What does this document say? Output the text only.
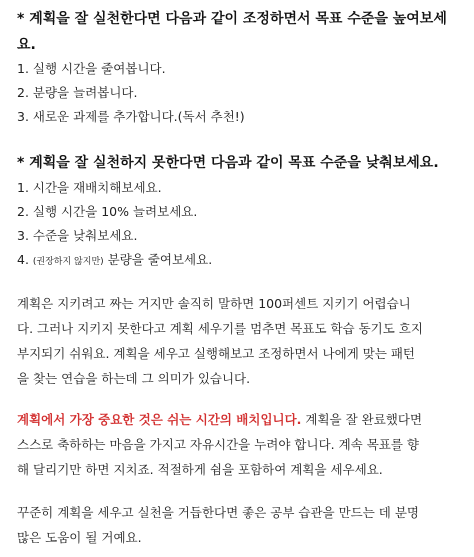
* 계획을 잘 실천한다면 다음과 같이 조정하면서 목표 수준을 높여보세

요.

1. 실행 시간을 줄여봅니다.

2. 분량을 늘려봅니다.

3. 새로운 과제를 추가합니다.(독서 추천!)

* 계획을 잘 실천하지 못한다면 다음과 같이 목표 수준을 낮춰보세요.

1. 시간을 재배치해보세요.

2. 실행 시간을 10% 늘려보세요.

3. 수준을 낮춰보세요.

4. (권장하지 않지만) 분량을 줄여보세요.

계획은 지키려고 짜는 거지만 솔직히 말하면 100퍼센트 지키기 어렵습니

다. 그러나 지키지 못한다고 계획 세우기를 멈추면 목표도 학습 동기도 흐지

부지되기 쉬워요. 계획을 세우고 실행해보고 조정하면서 나에게 맞는 패턴

을 찾는 연습을 하는데 그 의미가 있습니다.

계획에서 가장 중요한 것은 쉬는 시간의 배치입니다. 계획을 잘 완료했다면

스스로 축하하는 마음을 가지고 자유시간을 누려야 합니다. 계속 목표를 향

해 달리기만 하면 지치죠. 적절하게 쉼을 포함하여 계획을 세우세요.

꾸준히 계획을 세우고 실천을 거듭한다면 좋은 공부 습관을 만드는 데 분명

많은 도움이 될 거예요.
